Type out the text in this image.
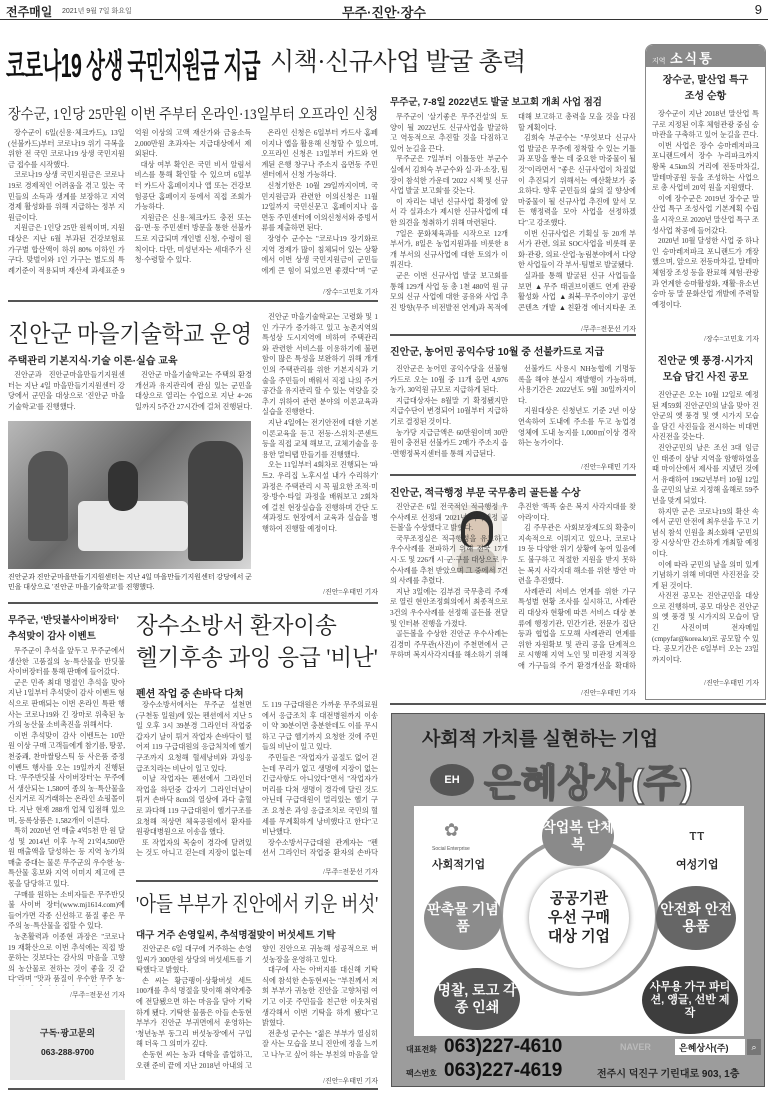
전주매일 2021년 9월 7일 화요일	무주·진안·장수	9
코로나19 상생 국민지원금 지급
장수군, 1인당 25만원 이번 주부터 온라인·13일부터 오프라인 신청

장수군이 6일(신용·체크카드), 13일(선불카드)부터 코로나19 위기 극복을 위한 전 국민 코로나19 상생 국민지원금 접수를 시작했다.

코로나19 상생 국민지원금은 코로나19로 경제적인 어려움을 겪고 있는 국민들의 소득과 생계를 보장하고 지역경제 활성화를 위해 지급하는 정부 지원금이다.

지원금은 1인당 25만 원씩이며, 지원대상은 지난 6월 부과된 건강보험료 가구별 합산액이 하위 80% 이하인 가구다. 맞벌이와 1인 가구는 별도의 특례기준이 적용되며 재산세 과세표준 9억원 이상의 고액 재산가와 금융소득 2,000만원 초과자는 지급대상에서 제외된다.

대상 여부 확인은 국민 비서 알림서비스를 통해 확인할 수 있으며 6일부터 카드사 홈페이지나 앱 또는 건강보험공단 홈페이지 등에서 직접 조회가 가능하다.

지원금은 신용·체크카드 충전 또는 읍·면·동 주민센터 방문을 통한 선불카드로 지급되며 개인별 신청, 수령이 원칙이다. 다만, 미성년자는 세대주가 신청·수령할 수 있다.

온라인 신청은 6일부터 카드사 홈페이지나 앱을 활용해 신청할 수 있으며, 오프라인 신청은 13일부터 카드와 연계된 은행 창구나 주소지 읍면동 주민센터에서 신청 가능하다.

신청기한은 10월 29일까지이며, 국민지원금과 관련한 이의신청은 11월 12일까지 국민신문고 홈페이지나 읍면동 주민센터에 이의신청서와 증빙서류를 제출하면 된다.

장영수 군수는 "코로나19 장기화로 지역 경제가 많이 침체되어 있는 상황에서 이번 상생 국민지원금이 군민들에게 큰 힘이 되었으면 좋겠다"며 "군

/장수=고민호 기자
진안군 마을기술학교 운영
주택관리 기본지식·기술 이론·실습 교육

진안군과 진안군마을만들기지원센터는 지난 4일 마을만들기지원센터 강당에서 군민을 대상으로 '진안군 마을기술학교'를 진행했다.

진안군 마을기술학교는 주택의 환경개선과 유지관리에 관심 있는 군민을 대상으로 열리는 수업으로 지난 4~26일까지 5주간 27시간에 걸쳐 진행된다.

진안군과 진안군마을만들기지원센터는 지난 4일 마을만들기지원센터 강당에서 군민을 대상으로 '진안군 마을기술학교'를 진행했다.

진안군 마을기술학교는 고령화 및 1인 가구가 증가하고 있고 농촌지역의 특성상 도시지역에 비하여 주택관리와 관련한 서비스를 이용하기에 불편함이 많은 특성을 보완하기 위해 개개인의 주택관리를 위한 기본지식과 기술을 주민들이 배워서 직접 나의 주거공간을 유지관리 할 수 있는 역량을 갖추기 위하여 관련 분야의 이론교육과 실습을 진행한다.

지난 4일에는 전기안전에 대한 기본 이론교육을 듣고 전등·스위치·콘센트 등을 직접 교체 해보고, 교체기술을 응용한 멀티탭 만들기를 진행했다.

오는 11일부터 4회차로 진행되는 '파트2. 우리집 노후시설 내가 수리하기' 과정은 주택관리 시 꼭 필요한 조적·미장·방수·타일 과정을 배워보고 2회차에 걸친 현장실습을 진행하며 간단 도색과정도 현장에서 교육과 실습을 병행하여 진행할 예정이다.

/진안=우태민 기자
무주군, '반딧불사이버장터'
추석맞이 감사 이벤트

무주군이 추석을 앞두고 무주군에서 생산한 고품질의 농·특산물을 반딧불사이버장터를 통해 판매에 들어갔다.

군은 민족 최대 명절인 추석을 맞아 지난 1일부터 추석맞이 감사 이벤트 형식으로 판매되는 이번 온라인 특판 행사는 코로나19와 긴 장마로 위축된 농가의 농산물 소비촉진을 위해서다.

이번 추석맞이 감사 이벤트는 10만원 이상 구매 고객들에게 참기름, 땅콩, 천중쾌, 찬마쌀탕스틱 등 사은품 증정 이벤트 행사를 오는 19일까지 진행된다. '무주반딧불 사이버장터'는 무주에서 생산되는 1,580여 종의 농·특산물을 신지거로 직거래하는 온라인 쇼핑몰이다. 지난 현재 288개 업체 입점해 있으며, 등록상품은 1,582개이 이른다.

특히 2020년 연 매출 4억5천 만 원 달성 및 2014년 이후 누적 21억4,500만 원 매출액을 달성하는 등 지역 농가의 매출 증대는 물론 무주군의 우수한 농·특산물 홍보와 지역 이미지 제고에 큰 몫을 담당하고 있다.

구매를 원하는 소비자들은 무주반딧불 사이버 장터(www.mj1614.com)에 들어가면 각종 신선하고 품질 좋은 무주의 농·특산물을 접할 수 있다.

농촌활력과 이종현 과장은 "코로나19 재확산으로 이번 추석에는 직접 방문하는 것보다는 감사의 마음을 고향의 농산물로 전하는 것이 좋을 것 같다"라며 "맛과 품질이 우수한 무주 농·

/무주=전문선 기자
구독·광고문의
063-288-9700
장수소방서 환자이송
헬기후송 과잉 응급 '비난'
펜션 작업 중 손바닥 다쳐

장수소방서에서는 무주군 설천면(구천동 일원)에 있는 펜션에서 지난 5일 오후 3시 39분경 그라인더 작업중 갑자기 날이 튀겨 작업자 손바닥이 떨어져 119 구급대원의 응급처치에 헬기 구조까지 요청해 혈세낭비와 과잉응급조치라는 비난이 일고 있다.

이날 작업자는 펜션에서 그라인더 작업을 하던중 갑자기 그라인더날이 튀겨 손바닥 8cm의 열상에 과다 출혈로 과다해 119 구급대원이 헬기구조를 요청해 적상면 체육공원에서 환자를 원광대병원으로 이송을 했다.

또 작업자의 목숨이 경각에 달려있는 것도 아니고 걷는데 지장이 없는데도 119 구급대원은 가까운 무주의료원에서 응급조치 후 대전병원까지 이송이 약 30분이면 충분한데도 이를 무시하고 구급 헬기까지 요청한 것에 주민들의 비난이 일고 있다.

주민들은 "작업자가 골절도 없어 걷는데 무리가 없고 생명에 지장이 없는 긴급사항도 아니었다"면서 "작업자가 머리를 다쳐 생명이 경각에 달린 것도 아닌데 구급대원이 멀리있는 헬기 구조 요청은 과잉 응급조치로 국민의 혈세를 무계획하게 낭비했다고 한다"고 비난했다.

장수소방서구급대원 관계자는 "펜션서 그라인더 작업중 환자의 손바닥

/무주=전문선 기자
'아들 부부가 진안에서 키운 버섯'
대구 거주 손영일씨, 추석명절맞이 버섯세트 기탁

진안군은 6일 대구에 거주하는 손영일씨가 300만원 상당의 버섯세트를 기탁했다고 밝혔다.

손 씨는 황금팽이·상황버섯 세트 100개를 추석 명절을 맞이해 취약계층에 전달됐으면 하는 마음을 담아 기탁하게 됐다. 기탁한 물품은 아들 손동현 부부가 진안군 부귀면에서 운영하는 '청년농부 동그리 버섯농장'에서 구입해 더욱 그 의미가 깊다.

손동현 씨는 농과 대학을 졸업하고, 오랜 준비 끝에 지난 2018년 아내의 고향인 진안으로 귀농해 성공적으로 버섯농장을 운영하고 있다.

대구에 사는 아버지를 대신해 기탁식에 참석한 손동현씨는 "부친께서 저희 부부가 귀농한 진안을 고향처럼 여기고 이곳 주민들을 친근한 이웃처럼 생각해서 이번 기탁을 하게 됐다"고 밝혔다.

전춘성 군수는 "젊은 부부가 열심히 잘 사는 모습을 보니 진안에 정을 느끼고 나누고 싶어 하는 부친의 마음을 알

/진안=우태민 기자
시책·신규사업 발굴 총력
무주군, 7-8일 2022년도 발굴 보고회 개최 사업 점검

무주군이 '살기좋은 무주건설'의 토양이 될 2022년도 신규사업을 발굴하고 역동적으로 추진할 것을 다짐하고 있어 눈길을 끈다.

무주군은 7일부터 이틀동안 부군수실에서 김희숙 부군수와 실·과·소장, 팀장이 참석한 가운데 '2022 시책 및 신규사업 발굴 보고회'를 갖는다.

이 자리는 내년 신규사업 확정에 앞서 각 실과소가 제시한 신규사업에 대한 의견을 청취하기 위해 마련된다.

7일은 문화체육과를 시작으로 12개 부서가, 8일은 농업지원과를 비롯한 8개 부서의 신규사업에 대한 토의가 이뤄진다.

군은 이번 신규사업 발굴 보고회를 통해 129개 사업 등 총 1천 480억 원 규모의 신규 사업에 대한 공유와 사업 추진 방향(무주 비전발전 연계)과 목적에 대해 보고하고 총력을 모을 것을 다짐할 계획이다.

김희숙 부군수는 "무엇보다 신규사업 발굴은 무주에 정착할 수 있는 기틀과 포망을 쌓는 데 중요한 마중물이 될 것"이라면서 "좋은 신규사업이 차질없이 추진되기 위해서는 예산확보가 중요하다. 향후 군민들의 삶의 질 향상에 마중물이 될 신규사업 추진에 앞서 모든 행정력을 모아 사업을 선정하겠다"고 강조했다.

이번 신규사업은 기획실 등 20개 부서가 관련, 의료 SOC사업을 비롯해 문화·관광, 의료·산업·농림분야에서 다양한 사업들이 각 부서·팀별로 발굴됐다.

실과를 통해 발굴된 신규 사업들을 보면 ▲무주 태권브이랜드 연계 관광 활성화 사업 ▲최북·무주이야기 공연 콘텐츠 개발 ▲친환경 에너지타운 조

/무주=전문선 기자
진안군, 농어민 공익수당 10월 중 선불카드로 지급

진안군은 농어민 공익수당을 선불형 카드로 오는 10월 중 11개 읍면 4,976 농가, 30억원 규모로 지급하게 된다.

지급대상자는 8월말 기 확정됐지만 지급수단이 변경되어 10월부터 지급하기로 결정된 것이다.

농가당 지급금액은 60만원이며 30만원이 충전된 선불카드 2매가 주소지 읍·면행정복지센터를 통해 지급된다.

선불카드 사용시 NH농협에 기명등록을 해야 분실시 재발행이 가능하며, 사용기간은 2022년도 9월 30일까지이다.

지원대상은 신청년도 기준 2년 이상 연속하여 도내에 주소를 두고 농업경영체에 도내 농지를 1,000㎡이상 경작하는 농가이다.

/진안=우태민 기자
진안군, 적극행정 부문 국무총리 골든볼 수상

진안군은 6일 전국적인 적극행정 우수사례로 선정돼 '2021년 적극행정 골든볼'을 수상했다고 밝혔다.

국무조정실은 적극행정을 유도하고 우수사례를 전파하기 위해 전국 17개 시·도 및 226개 시·군·구를 대상으로 우수사례를 추천 받았으며 그 중에서 7건의 사례를 추렸다.

지난 3일에는 김부겸 국무총리 주재로 열린 현안조정회의에서 최종적으로 3건의 우수사례를 선정해 골든볼 전달 및 인터뷰 진행을 가졌다.

골든볼을 수상한 진안군 우수사례는 김경미 주무관(사진)이 주천면에서 근무하며 복지사각지대를 해소하기 위해 추진한 '똑똑 숨은 복지 사각지대를 찾아라'이다.

김 주무관은 사회보장제도의 확충이 지속적으로 이뤄지고 있으나, 코로나19 등 다양한 위기 상황에 놓여 있음에도 불구하고 적절한 지원을 받지 못하는 복지 사각지대 해소를 위한 방안 마련을 추진했다.

사례관리 서비스 연계를 위한 가구 특성별 현황 조사를 실시하고, 사례관리 대상자 현황에 따른 서비스 대상 분류에 행정기관, 민간기관, 전문가 집단 등과 협업을 도모해 사례관리 연계를 위한 자원확보 및 관리 공을 단계적으로 시행해 지역 노인 및 미관정 지적장애 가구들의 주거 환경개선을 확대하

/진안=우태민 기자
지역 소식통
장수군, 말산업 특구 조성 순항

장수군이 지난 2018년 말산업 특구로 지정된 이후 체험관광 중심 승마관을 구축하고 있어 눈길을 끈다.

이번 사업은 장수 승마레저파크 포니랜드에서 장수 누리파크까지 왕복 4.5km의 거리에 전동마차길, 말테마공원 등을 조성하는 사업으로 총 사업비 20억 원을 지원했다.

이에 장수군은 2019년 장수군 말산업 특구 조성사업 기본계획 수립을 시작으로 2020년 말산업 특구 조성사업 착공에 들어갔다.

2020년 10월 달성한 사업 중 하나인 승마레저파크 포니랜드가 개장했으며, 앞으로 전동마차길, 말테마 체험장 조성 등을 완료해 체험·관광과 연계한 승마활성화, 재활·유소년 승마 등 말 문화산업 개발에 주력할 예정이다.

/장수=고민호 기자
진안군 옛 풍경·시가지 모습 담긴 사진 공모

진안군은 오는 10월 12일로 예정된 제59회 진안군민의 날을 맞아 진안군의 옛 풍경 및 옛 시가지 모습을 담긴 사진들을 전시하는 비대면 사진전을 갖는다.

진안군민의 날은 조선 3대 임금인 태종이 삼남 지역을 함행하였을 때 마이산에서 제사를 지냈던 것에서 유래하여 1962년부터 10월 12일을 군민의 날로 지정해 올해로 59주년을 맞게 되었다.

하지만 군은 코로나19의 확산 속에서 군민 안전에 최우선을 두고 기념식 참석 인원을 최소화해 '군민의 장 시상식'만 간소하게 개최할 예정이다.

이에 따라 군민의 날을 의미 있게 기념하기 위해 비대면 사진전을 갖게 된 것이다.

사진전 공모는 진안군민을 대상으로 진행하며, 공모 대상은 진안군의 옛 풍경 및 시가지의 모습이 담긴 사진이며 전자메일(cmpyfar@korea.kr)로 공모할 수 있다. 공모기간은 6일부터 오는 23일까지이다.

/진안=우태민 기자
사회적 가치를 실현하는 기업
EH 은혜상사(주)
✿
Social Enterprise
사회적기업
ⲧⲧ
여성기업
공공기관
우선 구매
대상 기업
작업복 단체복
판촉물 기념품
안전화 안전용품
명찰, 로고 각종 인쇄
사무용 가구 파티션, 앵글, 선반 제작
대표전화 063)227-4610
팩스번호 063)227-4619
NAVER	은혜상사(주)	⌕
전주시 덕진구 기린대로 903, 1층
